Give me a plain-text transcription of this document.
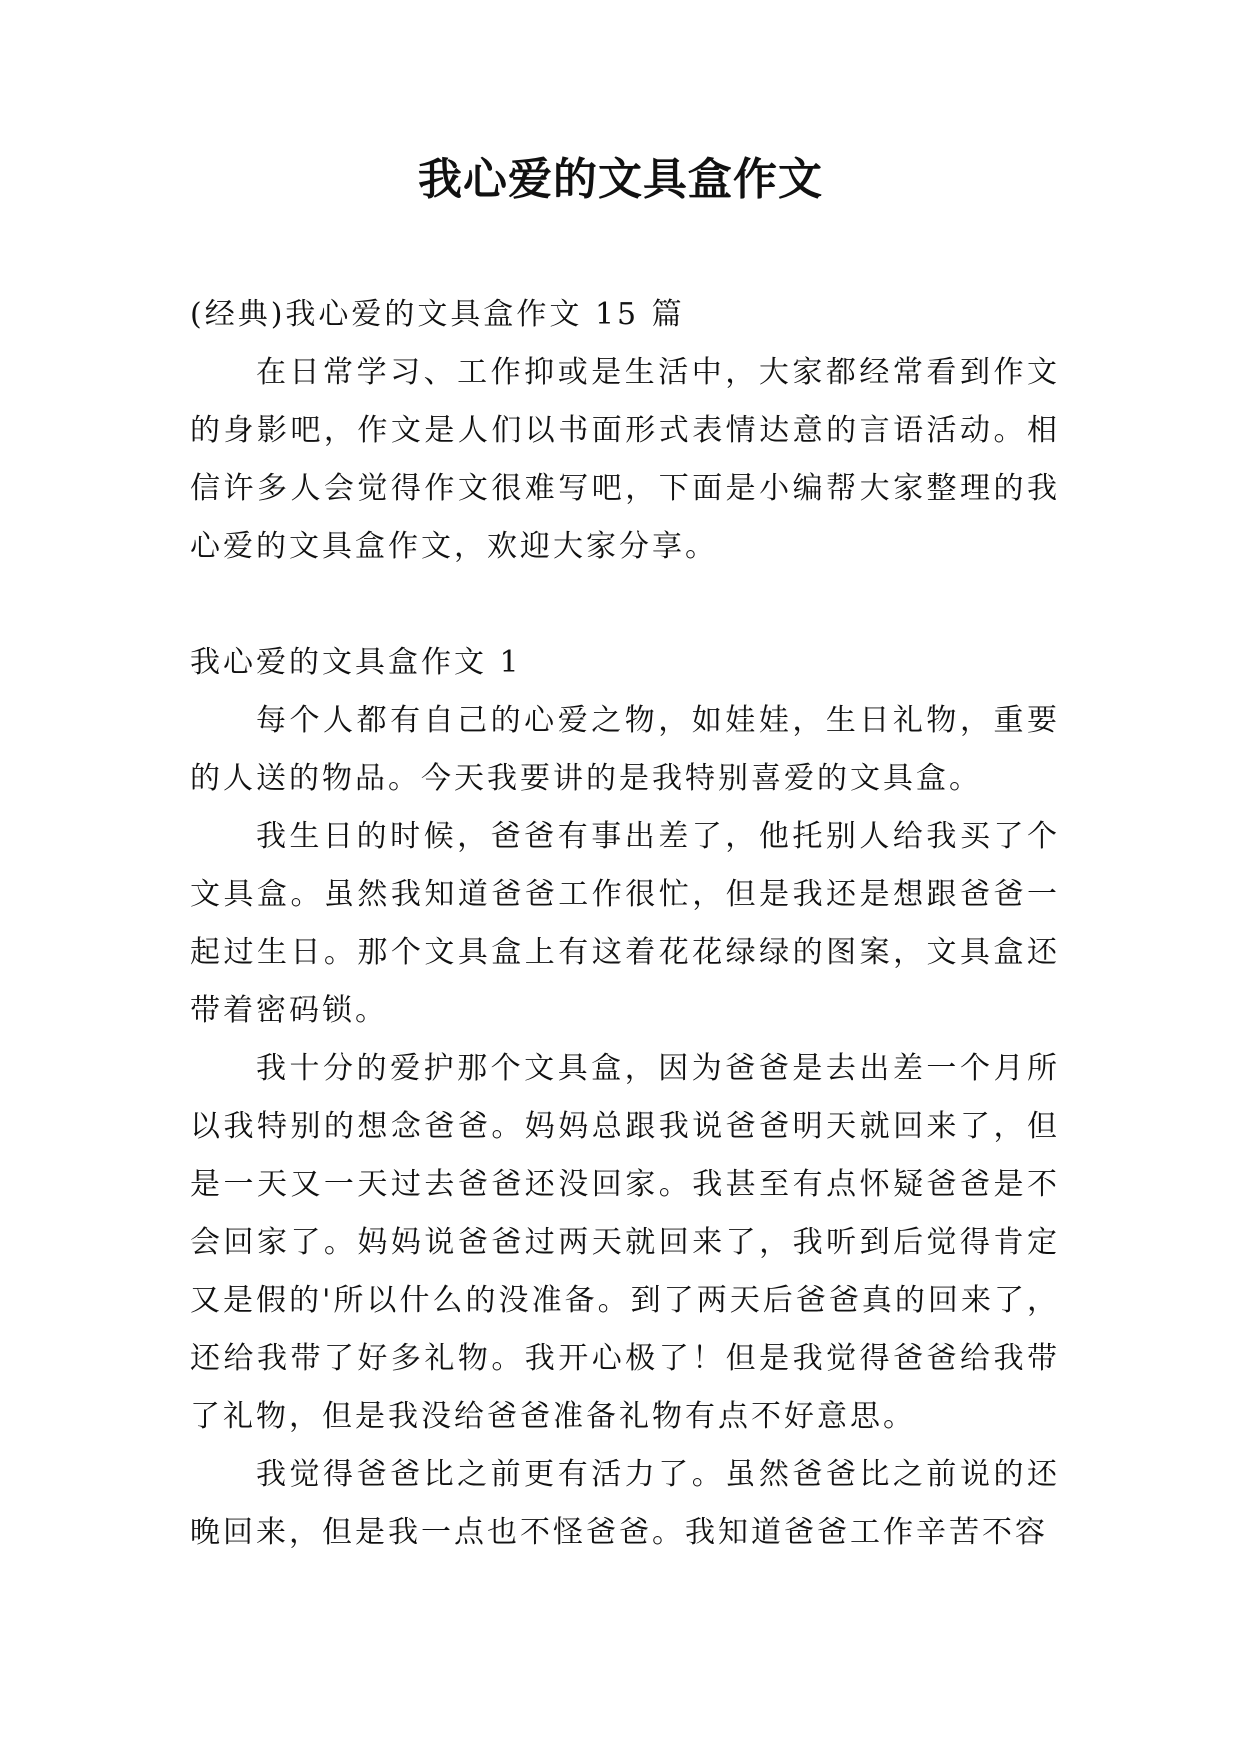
我心爱的文具盒作文

(经典)我心爱的文具盒作文 15 篇

在日常学习、工作抑或是生活中，大家都经常看到作文的身影吧，作文是人们以书面形式表情达意的言语活动。相信许多人会觉得作文很难写吧，下面是小编帮大家整理的我心爱的文具盒作文，欢迎大家分享。

我心爱的文具盒作文 1

每个人都有自己的心爱之物，如娃娃，生日礼物，重要的人送的物品。今天我要讲的是我特别喜爱的文具盒。

我生日的时候，爸爸有事出差了，他托别人给我买了个文具盒。虽然我知道爸爸工作很忙，但是我还是想跟爸爸一起过生日。那个文具盒上有这着花花绿绿的图案，文具盒还带着密码锁。

我十分的爱护那个文具盒，因为爸爸是去出差一个月所以我特别的想念爸爸。妈妈总跟我说爸爸明天就回来了，但是一天又一天过去爸爸还没回家。我甚至有点怀疑爸爸是不会回家了。妈妈说爸爸过两天就回来了，我听到后觉得肯定又是假的'所以什么的没准备。到了两天后爸爸真的回来了，还给我带了好多礼物。我开心极了！但是我觉得爸爸给我带了礼物，但是我没给爸爸准备礼物有点不好意思。

我觉得爸爸比之前更有活力了。虽然爸爸比之前说的还晚回来，但是我一点也不怪爸爸。我知道爸爸工作辛苦不容
